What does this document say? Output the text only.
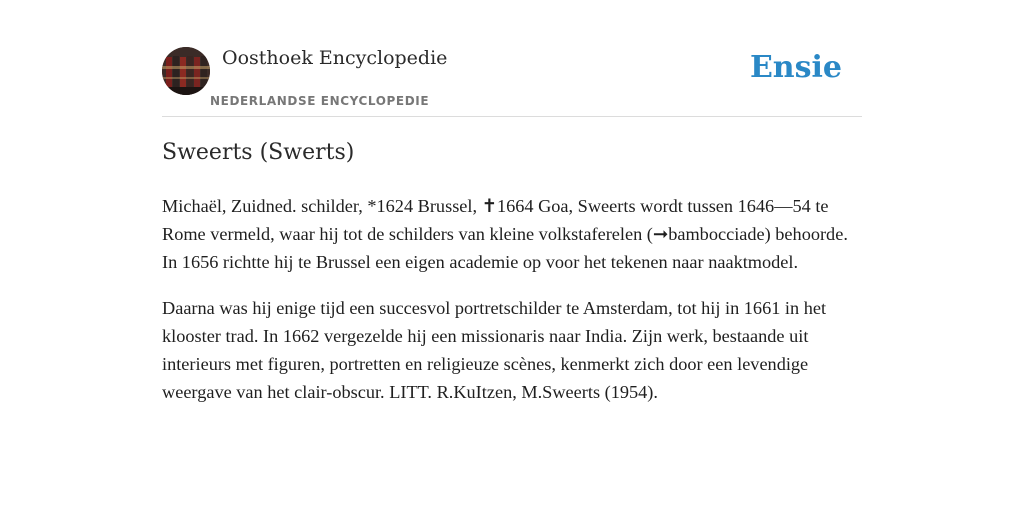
Oosthoek Encyclopedie
NEDERLANDSE ENCYCLOPEDIE
Ensie
Sweerts (Swerts)

Michaël, Zuidned. schilder, *1624 Brussel, ✝1664 Goa, Sweerts wordt tussen 1646—54 te Rome vermeld, waar hij tot de schilders van kleine volkstaferelen (➞bambocciade) behoorde. In 1656 richtte hij te Brussel een eigen academie op voor het tekenen naar naaktmodel.

Daarna was hij enige tijd een succesvol portretschilder te Amsterdam, tot hij in 1661 in het klooster trad. In 1662 vergezelde hij een missionaris naar India. Zijn werk, bestaande uit interieurs met figuren, portretten en religieuze scènes, kenmerkt zich door een levendige weergave van het clair-obscur. LITT. R.KuItzen, M.Sweerts (1954).
